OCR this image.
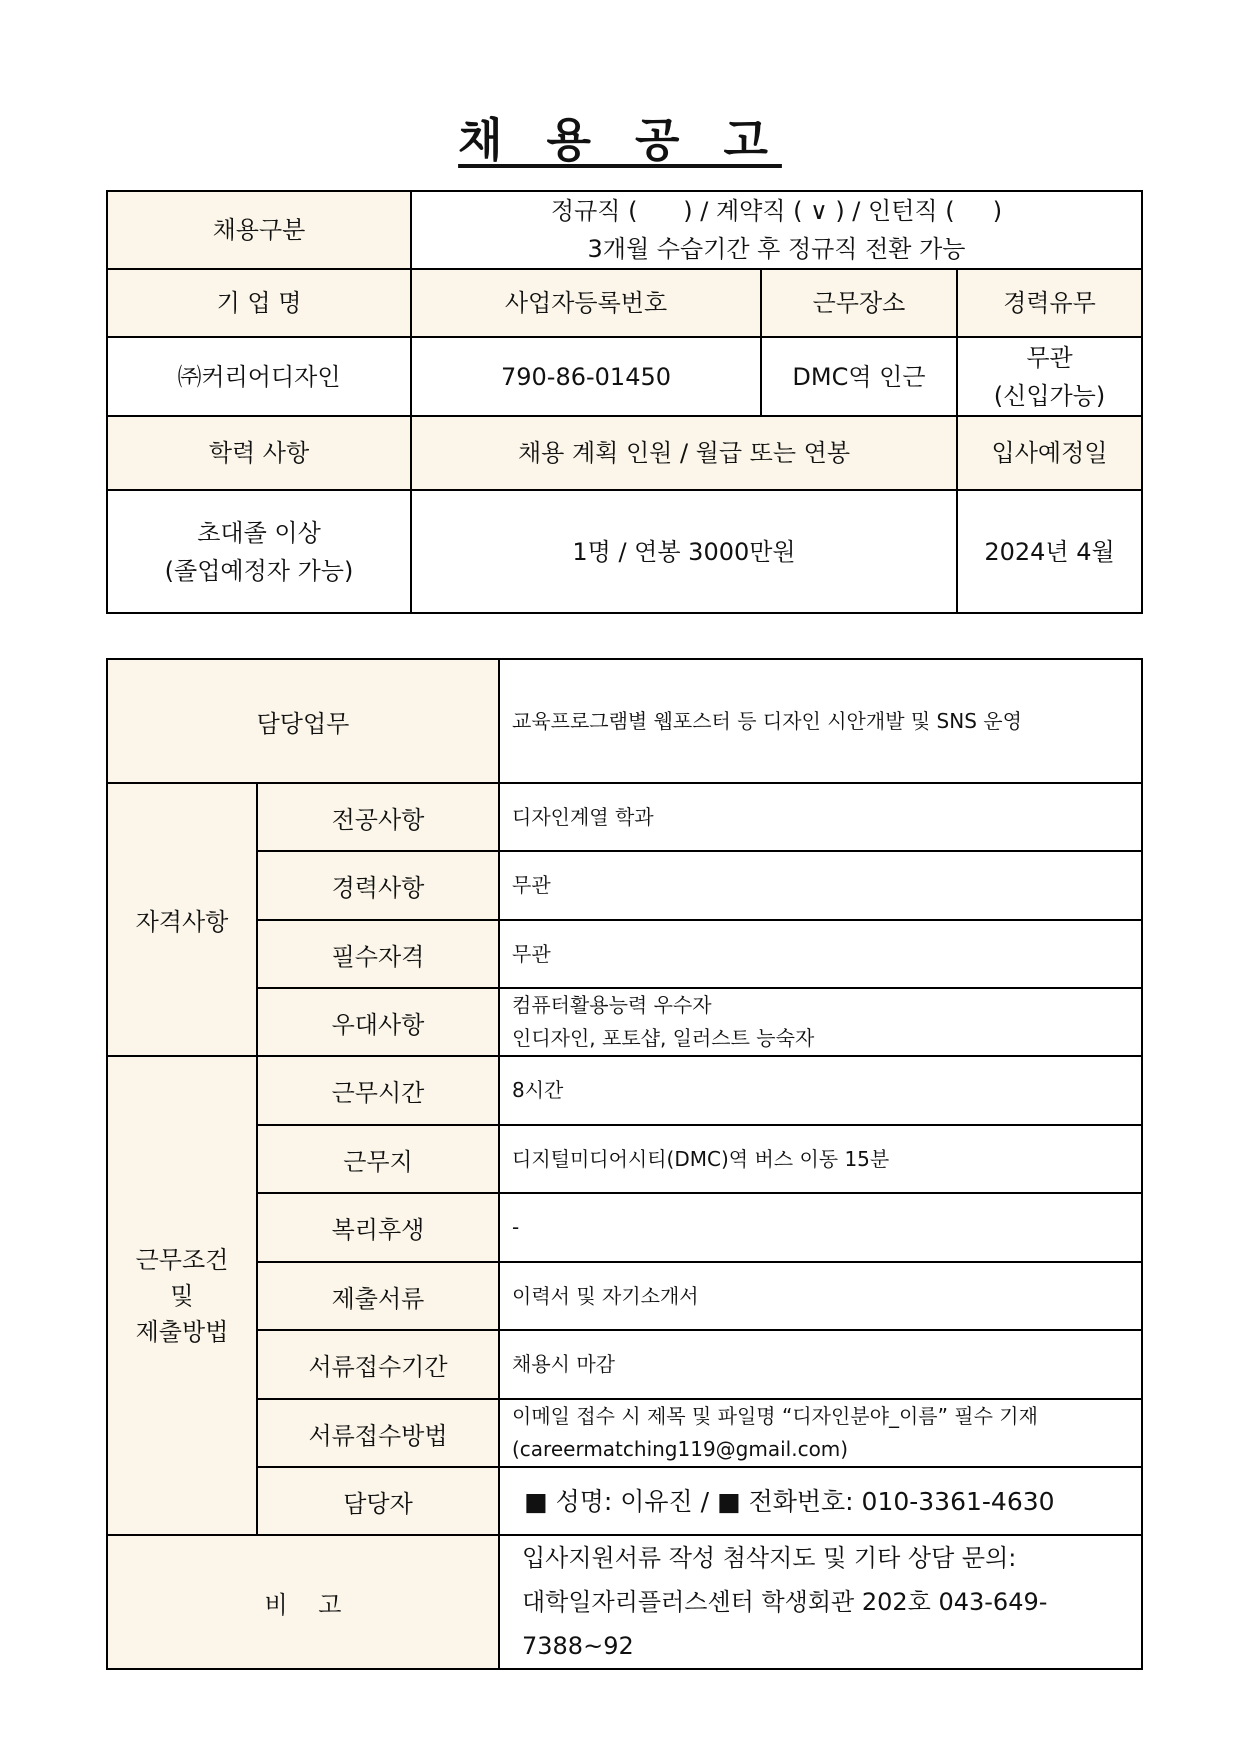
채 용 공 고
채용구분	정규직 (      ) / 계약직 ( ∨ ) / 인턴직 (     )
3개월 수습기간 후 정규직 전환 가능		

기 업 명	사업자등록번호	근무장소	경력유무
㈜커리어디자인	790-86-01450	DMC역 인근	무관
(신입가능)

학력 사항	채용 계획 인원 / 월급 또는 연봉		입사예정일

초대졸 이상
(졸업예정자 가능)	1명 / 연봉 3000만원		2024년 4월
담당업무		교육프로그램별 웹포스터 등 디자인 시안개발 및 SNS 운영
자격사항	전공사항	디자인계열 학과
	경력사항	무관
	필수자격	무관
	우대사항	컴퓨터활용능력 우수자
인디자인, 포토샵, 일러스트 능숙자

근무조건
및
제출방법	근무시간	8시간
	근무지	디지털미디어시티(DMC)역 버스 이동 15분
	복리후생	-
	제출서류	이력서 및 자기소개서
	서류접수기간	채용시 마감
	서류접수방법	이메일 접수 시 제목 및 파일명 “디자인분야_이름” 필수 기재
(careermatching119@gmail.com)

	담당자	■ 성명: 이유진 / ■ 전화번호: 010-3361-4630
비    고		입사지원서류 작성 첨삭지도 및 기타 상담 문의:
대학일자리플러스센터 학생회관 202호 043-649-7388~92
